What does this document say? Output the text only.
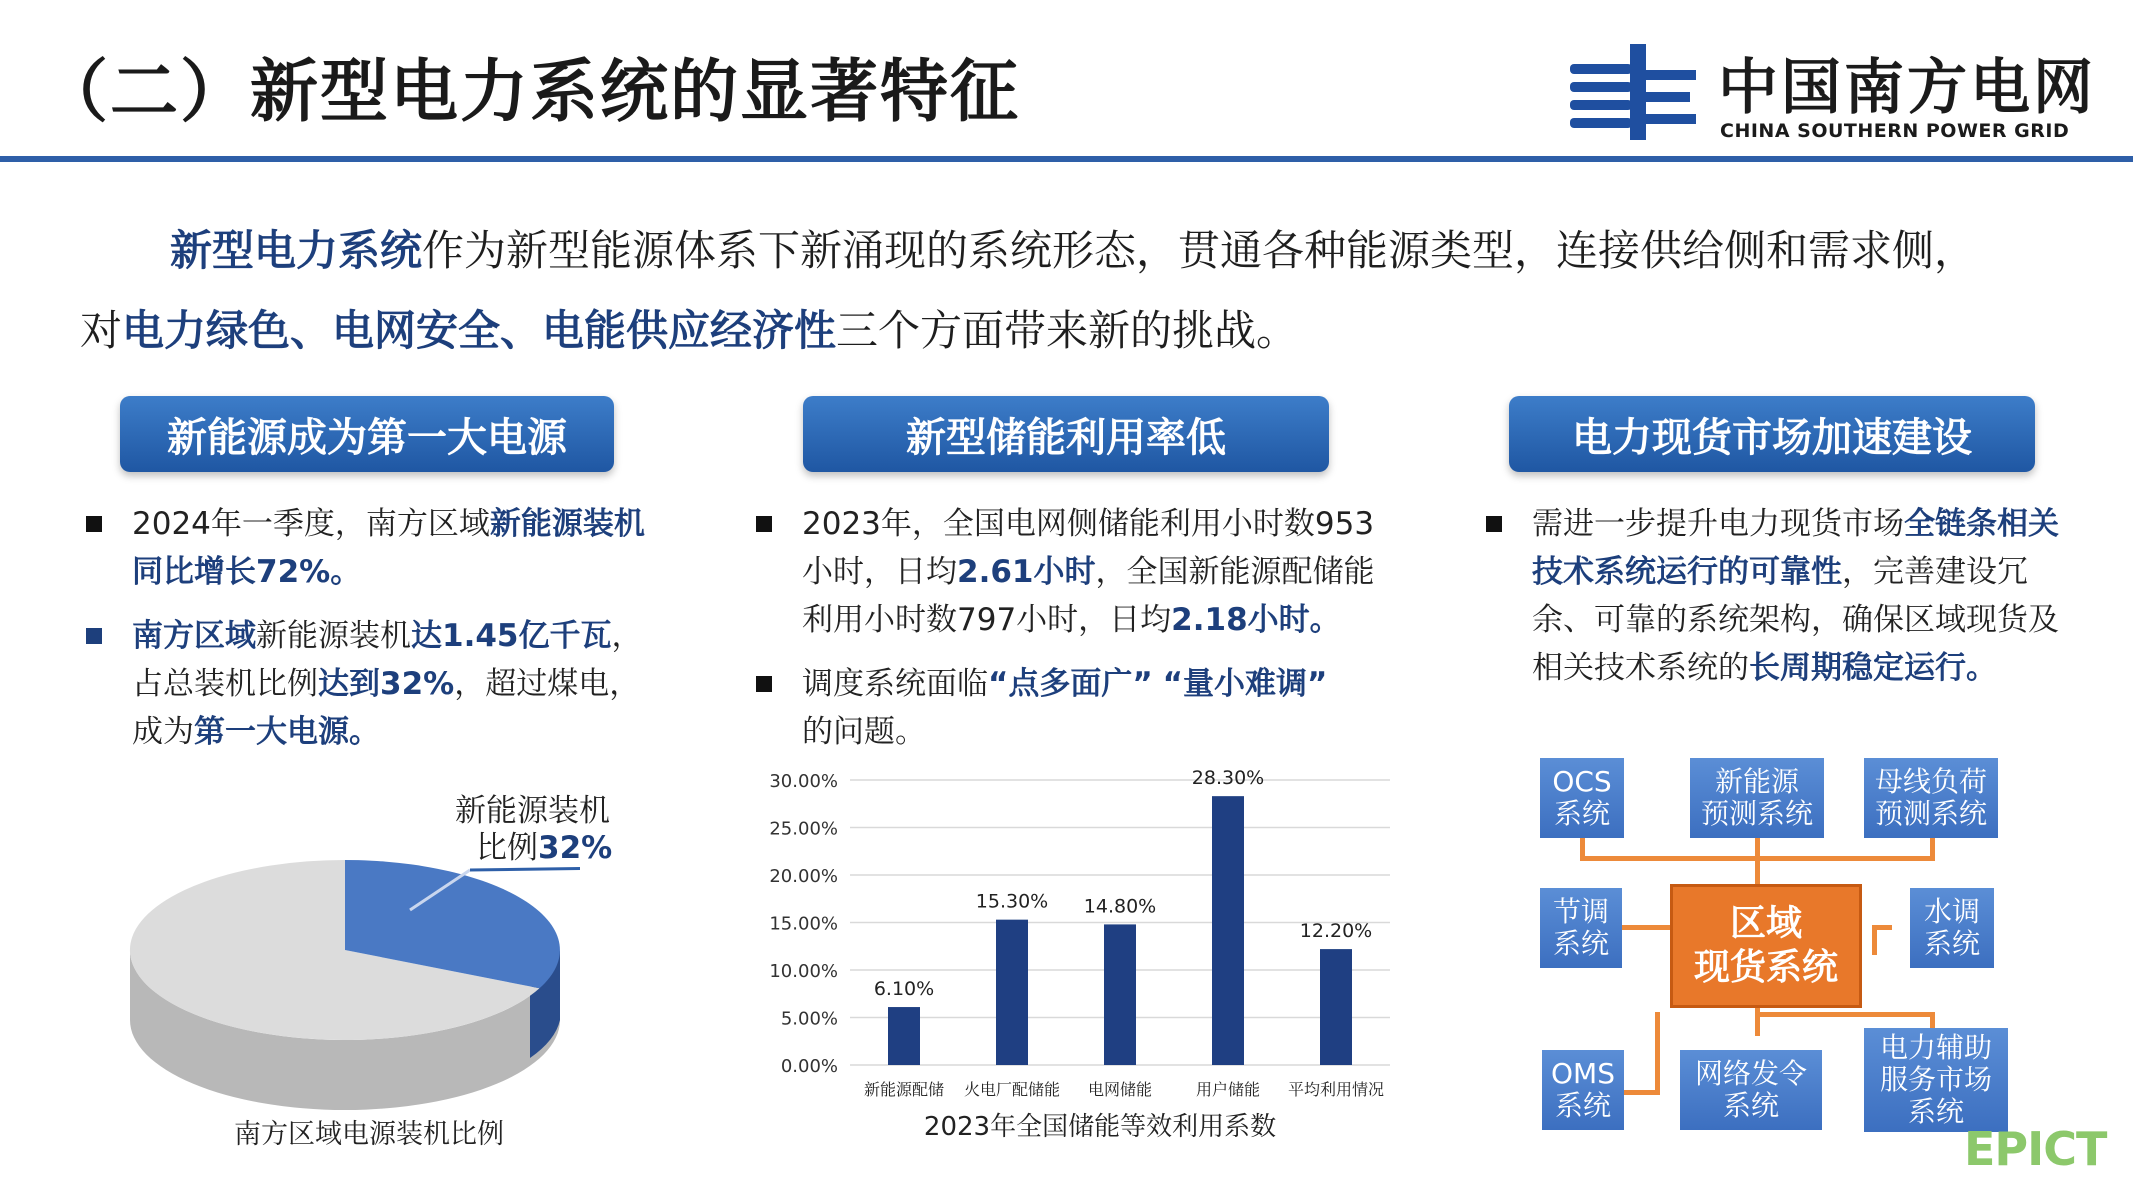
（二）新型电力系统的显著特征	中国南方电网
CHINA SOUTHERN POWER GRID
新型电力系统作为新型能源体系下新涌现的系统形态，贯通各种能源类型，连接供给侧和需求侧，
对电力绿色、电网安全、电能供应经济性三个方面带来新的挑战。
新能源成为第一大电源	新型储能利用率低	电力现货市场加速建设
2024年一季度，南方区域新能源装机
同比增长72%。
南方区域新能源装机达1.45亿千瓦，
占总装机比例达到32%，超过煤电，
成为第一大电源。
新能源装机
比例32%
南方区域电源装机比例
2023年，全国电网侧储能利用小时数953
小时，日均2.61小时，全国新能源配储能
利用小时数797小时，日均2.18小时。
调度系统面临“点多面广” “量小难调”
的问题。
0.00%
5.00%
10.00%
15.00%
20.00%
25.00%
30.00%
6.10%
新能源配储
15.30%
火电厂配储能
14.80%
电网储能
28.30%
用户储能
12.20%
平均利用情况
2023年全国储能等效利用系数
需进一步提升电力现货市场全链条相关
技术系统运行的可靠性，完善建设冗
余、可靠的系统架构，确保区域现货及
相关技术系统的长周期稳定运行。
OCS
系统
新能源
预测系统
母线负荷
预测系统
节调
系统	区域
现货系统
水调
系统
OMS
系统
网络发令
系统
电力辅助
服务市场
系统
EPICT
